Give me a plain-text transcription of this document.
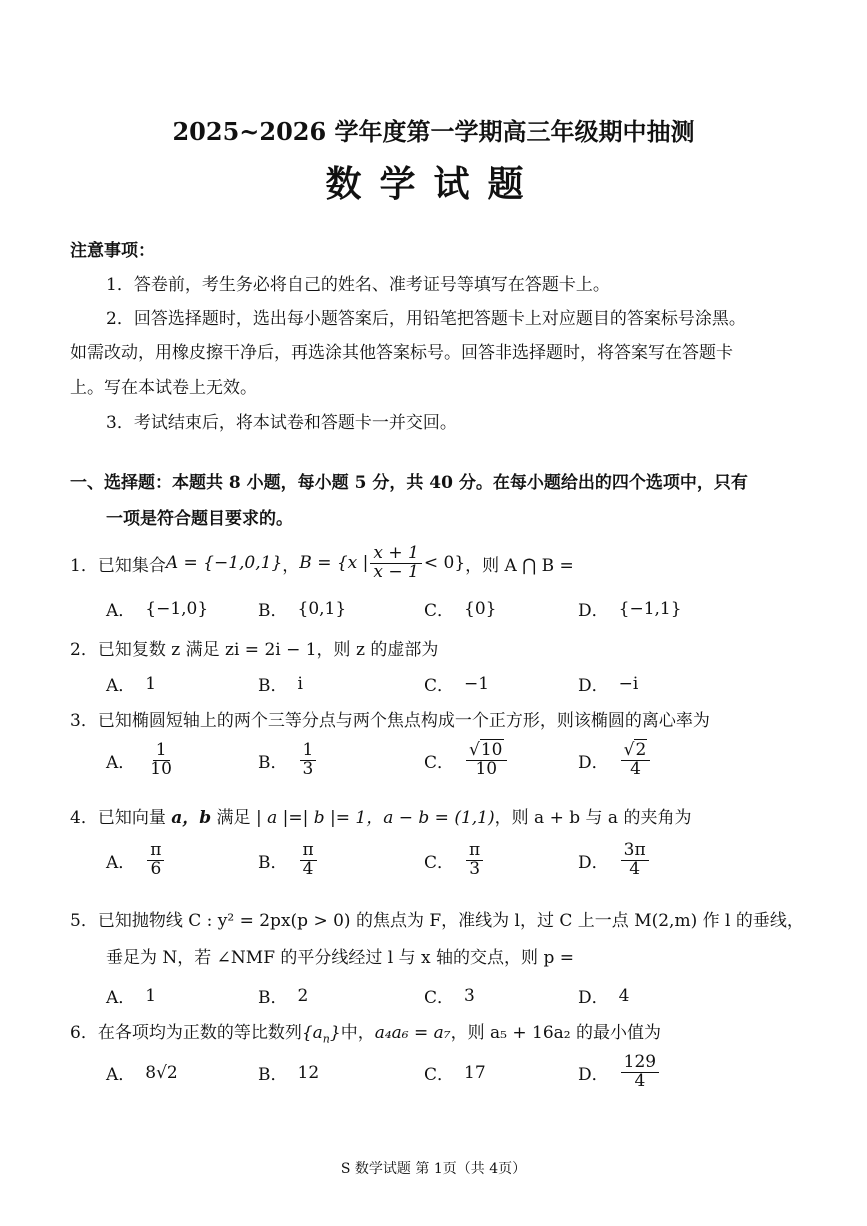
2025~2026 学年度第一学期高三年级期中抽测
数学试题
注意事项：
1．答卷前，考生务必将自己的姓名、准考证号等填写在答题卡上。
2．回答选择题时，选出每小题答案后，用铅笔把答题卡上对应题目的答案标号涂黑。
如需改动，用橡皮擦干净后，再选涂其他答案标号。回答非选择题时，将答案写在答题卡
上。写在本试卷上无效。
3．考试结束后，将本试卷和答题卡一并交回。
一、选择题：本题共 8 小题，每小题 5 分，共 40 分。在每小题给出的四个选项中，只有
一项是符合题目要求的。
1． 已知集合 A = {−1,0,1} ， B = {x | $\frac{x + 1}{x - 1} < 0$} ，则 A ⋂ B =
A． {−1,0}	B． {0,1}	C． {0}	D． {−1,1}
2．已知复数 z 满足 zi = 2i − 1，则 z 的虚部为
A． 1	B． i	C． −1	D． −i
3．已知椭圆短轴上的两个三等分点与两个焦点构成一个正方形，则该椭圆的离心率为
A． $\frac{1}{10}$	B． $\frac{1}{3}$	C． $\frac{√10}{10}$	D． $\frac{√2}{4}$
4．已知向量 a，b 满足 | a |=| b |= 1，a − b = (1,1)，则 a + b 与 a 的夹角为
A． $\frac{\pi}{6}$	B． $\frac{\pi}{4}$	C． $\frac{\pi}{3}$	D． $\frac{3\pi}{4}$
5．已知抛物线 C : y² = 2px(p > 0) 的焦点为 F，准线为 l，过 C 上一点 M(2,m) 作 l 的垂线，
垂足为 N，若 ∠NMF 的平分线经过 l 与 x 轴的交点，则 p =
A． 1	B． 2	C． 3	D． 4
6．在各项均为正数的等比数列$\{a_n\}$中，a₄a₆ = a₇，则 a₅ + 16a₂ 的最小值为
A． 8√2	B． 12	C． 17	D． $\frac{129}{4}$
S 数学试题 第 1页（共 4页）
